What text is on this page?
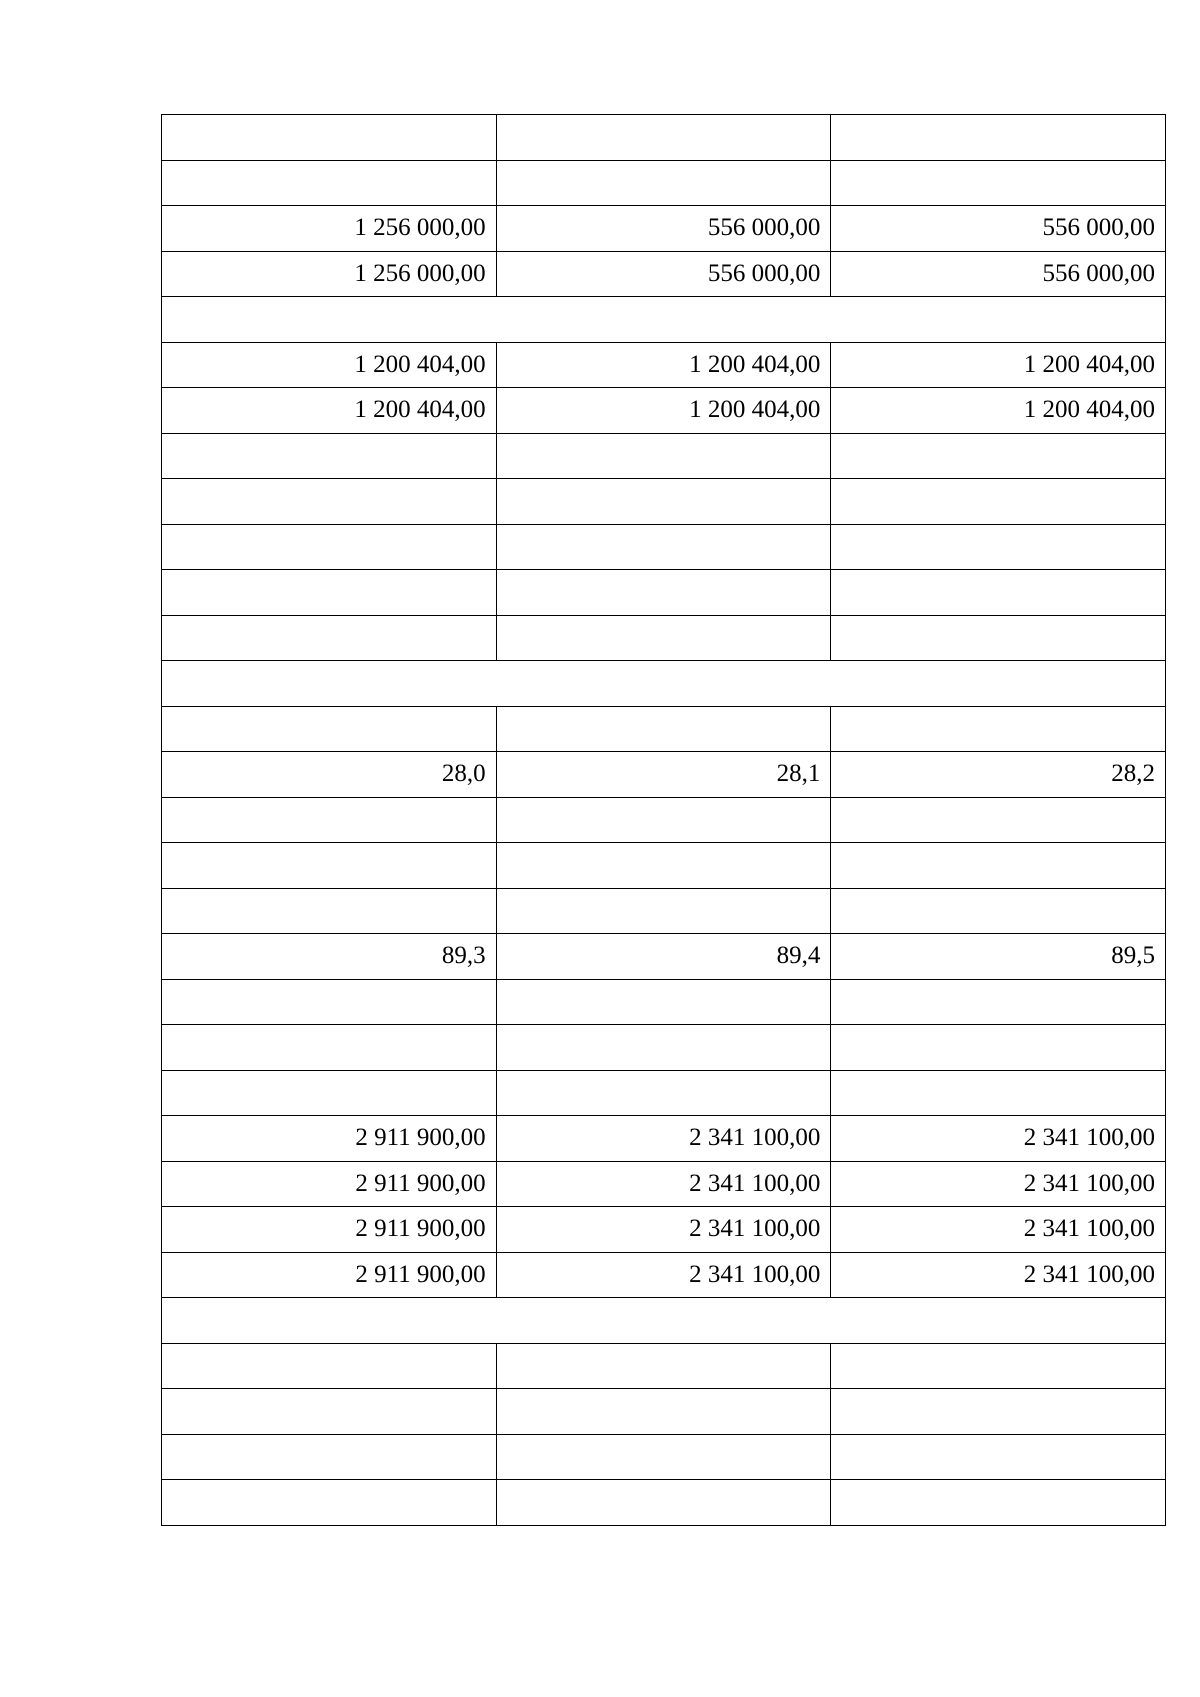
1 256 000,00	556 000,00	556 000,00
1 256 000,00	556 000,00	556 000,00

1 200 404,00	1 200 404,00	1 200 404,00
1 200 404,00	1 200 404,00	1 200 404,00

28,0	28,1	28,2

89,3	89,4	89,5

2 911 900,00	2 341 100,00	2 341 100,00
2 911 900,00	2 341 100,00	2 341 100,00
2 911 900,00	2 341 100,00	2 341 100,00
2 911 900,00	2 341 100,00	2 341 100,00
